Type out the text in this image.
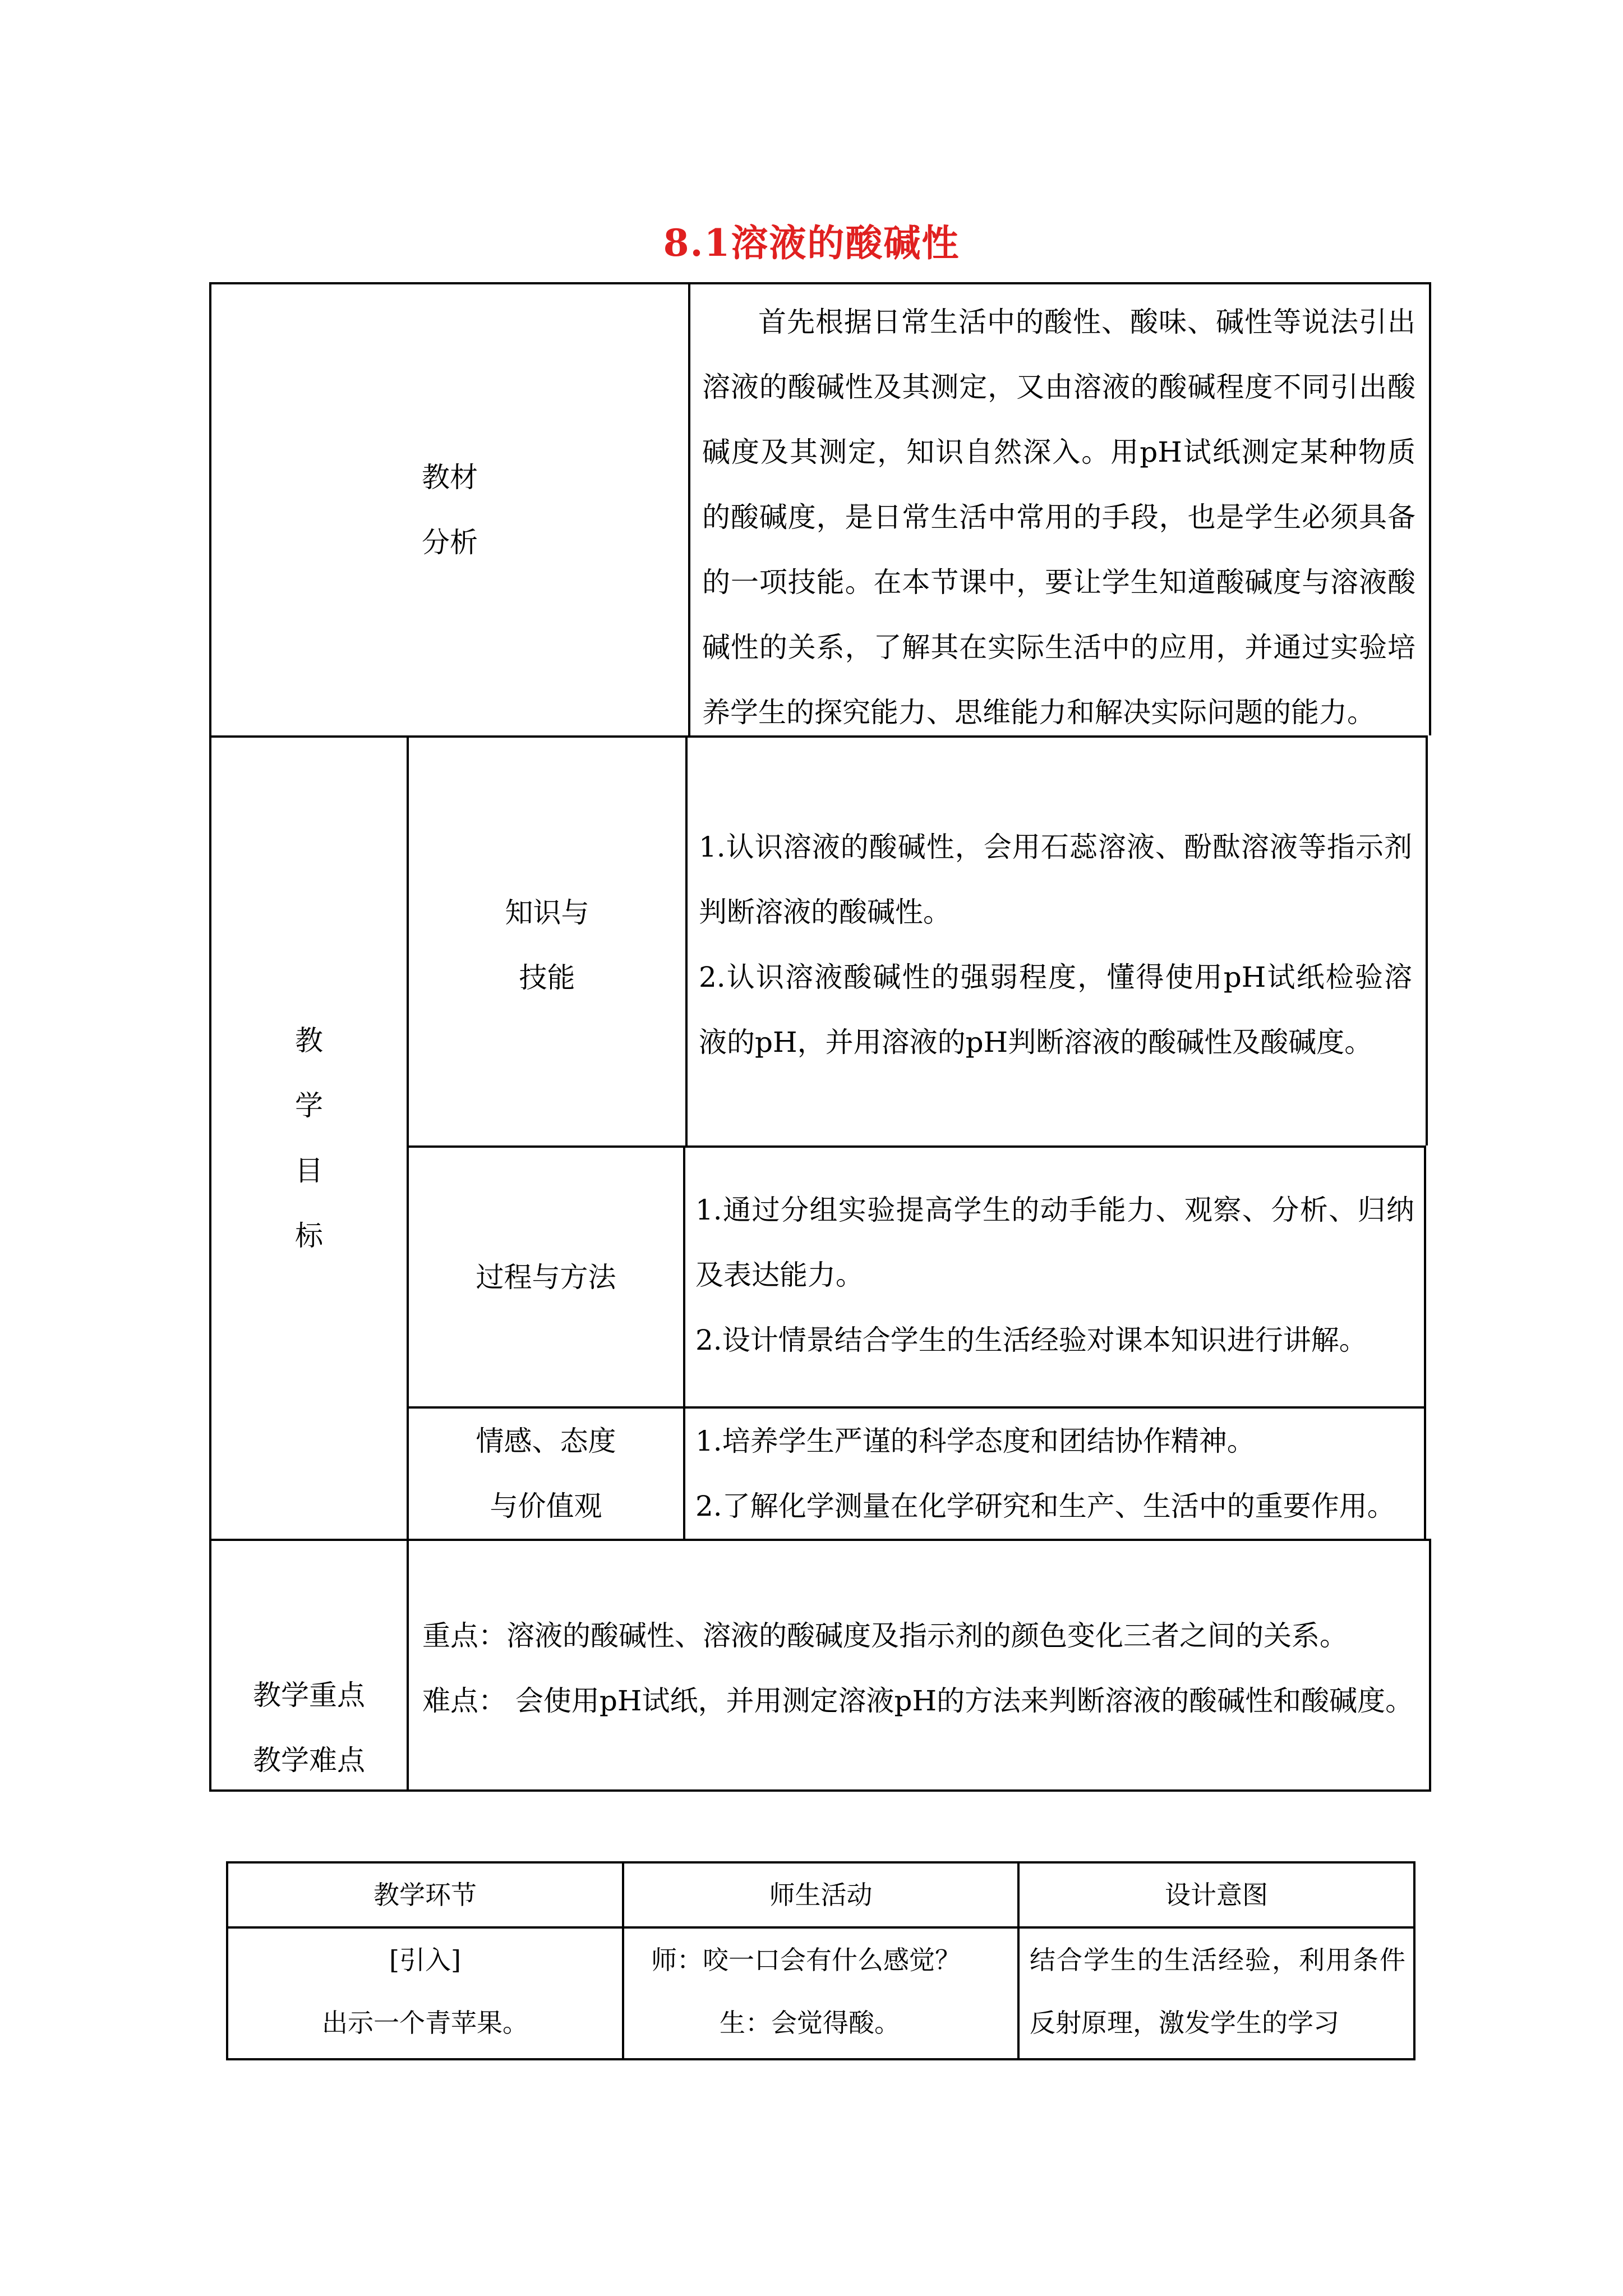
8.1溶液的酸碱性
教材
分析
首先根据日常生活中的酸性、酸味、碱性等说法引出溶液的酸碱性及其测定，又由溶液的酸碱程度不同引出酸碱度及其测定，知识自然深入。用pH试纸测定某种物质的酸碱度，是日常生活中常用的手段，也是学生必须具备的一项技能。在本节课中，要让学生知道酸碱度与溶液酸碱性的关系，了解其在实际生活中的应用，并通过实验培养学生的探究能力、思维能力和解决实际问题的能力。
教
学
目
标
知识与
技能
1.认识溶液的酸碱性，会用石蕊溶液、酚酞溶液等指示剂判断溶液的酸碱性。
2.认识溶液酸碱性的强弱程度，懂得使用pH试纸检验溶液的pH，并用溶液的pH判断溶液的酸碱性及酸碱度。
过程与方法
1.通过分组实验提高学生的动手能力、观察、分析、归纳及表达能力。
2.设计情景结合学生的生活经验对课本知识进行讲解。
情感、态度
与价值观
1.培养学生严谨的科学态度和团结协作精神。
2.了解化学测量在化学研究和生产、生活中的重要作用。
教学重点
教学难点
重点：溶液的酸碱性、溶液的酸碱度及指示剂的颜色变化三者之间的关系。
难点： 会使用pH试纸，并用测定溶液pH的方法来判断溶液的酸碱性和酸碱度。
教学环节	师生活动	设计意图
[引入]
出示一个青苹果。
师：咬一口会有什么感觉？
生：会觉得酸。
结合学生的生活经验，利用条件反射原理，激发学生的学习
